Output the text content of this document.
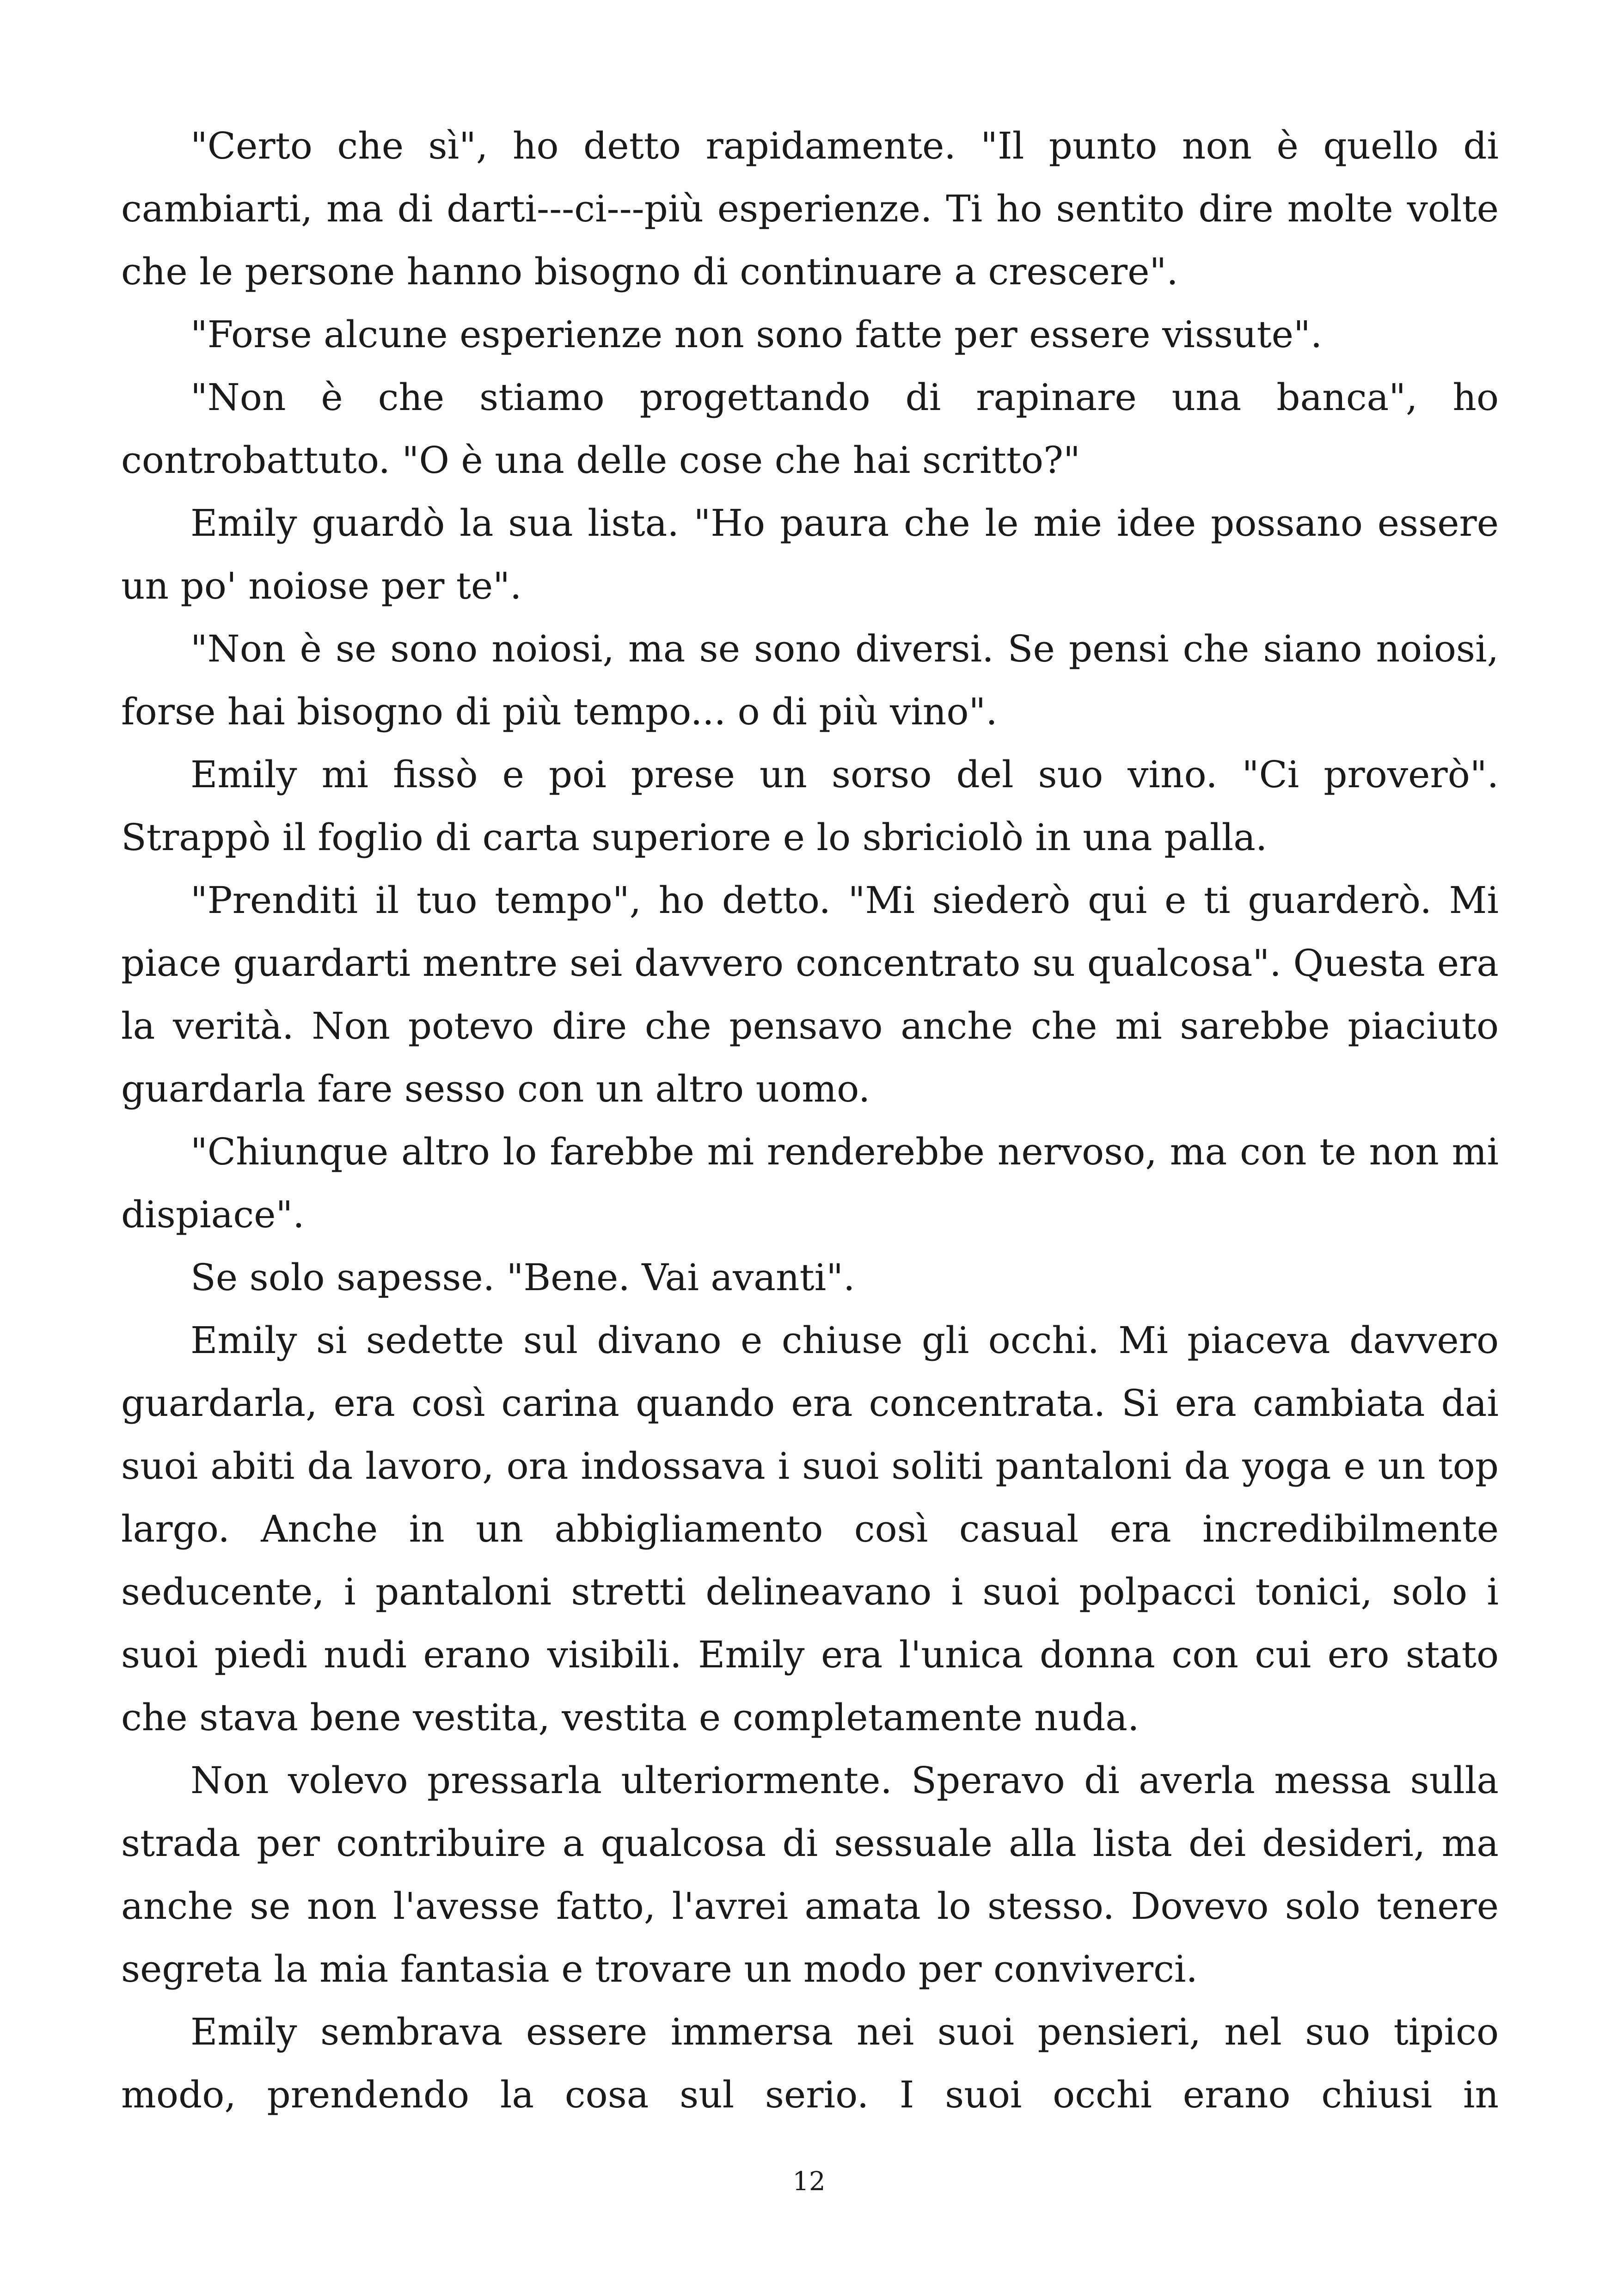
"Certo che sì", ho detto rapidamente. "Il punto non è quello di cambiarti, ma di darti---ci---più esperienze. Ti ho sentito dire molte volte che le persone hanno bisogno di continuare a crescere".

"Forse alcune esperienze non sono fatte per essere vissute".

"Non è che stiamo progettando di rapinare una banca", ho controbattuto. "O è una delle cose che hai scritto?"

Emily guardò la sua lista. "Ho paura che le mie idee possano essere un po' noiose per te".

"Non è se sono noiosi, ma se sono diversi. Se pensi che siano noiosi, forse hai bisogno di più tempo... o di più vino".

Emily mi fissò e poi prese un sorso del suo vino. "Ci proverò". Strappò il foglio di carta superiore e lo sbriciolò in una palla.

"Prenditi il tuo tempo", ho detto. "Mi siederò qui e ti guarderò. Mi piace guardarti mentre sei davvero concentrato su qualcosa". Questa era la verità. Non potevo dire che pensavo anche che mi sarebbe piaciuto guardarla fare sesso con un altro uomo.

"Chiunque altro lo farebbe mi renderebbe nervoso, ma con te non mi dispiace".

Se solo sapesse. "Bene. Vai avanti".

Emily si sedette sul divano e chiuse gli occhi. Mi piaceva davvero guardarla, era così carina quando era concentrata. Si era cambiata dai suoi abiti da lavoro, ora indossava i suoi soliti pantaloni da yoga e un top largo. Anche in un abbigliamento così casual era incredibilmente seducente, i pantaloni stretti delineavano i suoi polpacci tonici, solo i suoi piedi nudi erano visibili. Emily era l'unica donna con cui ero stato che stava bene vestita, vestita e completamente nuda.

Non volevo pressarla ulteriormente. Speravo di averla messa sulla strada per contribuire a qualcosa di sessuale alla lista dei desideri, ma anche se non l'avesse fatto, l'avrei amata lo stesso. Dovevo solo tenere segreta la mia fantasia e trovare un modo per conviverci.

Emily sembrava essere immersa nei suoi pensieri, nel suo tipico modo, prendendo la cosa sul serio. I suoi occhi erano chiusi in

12
